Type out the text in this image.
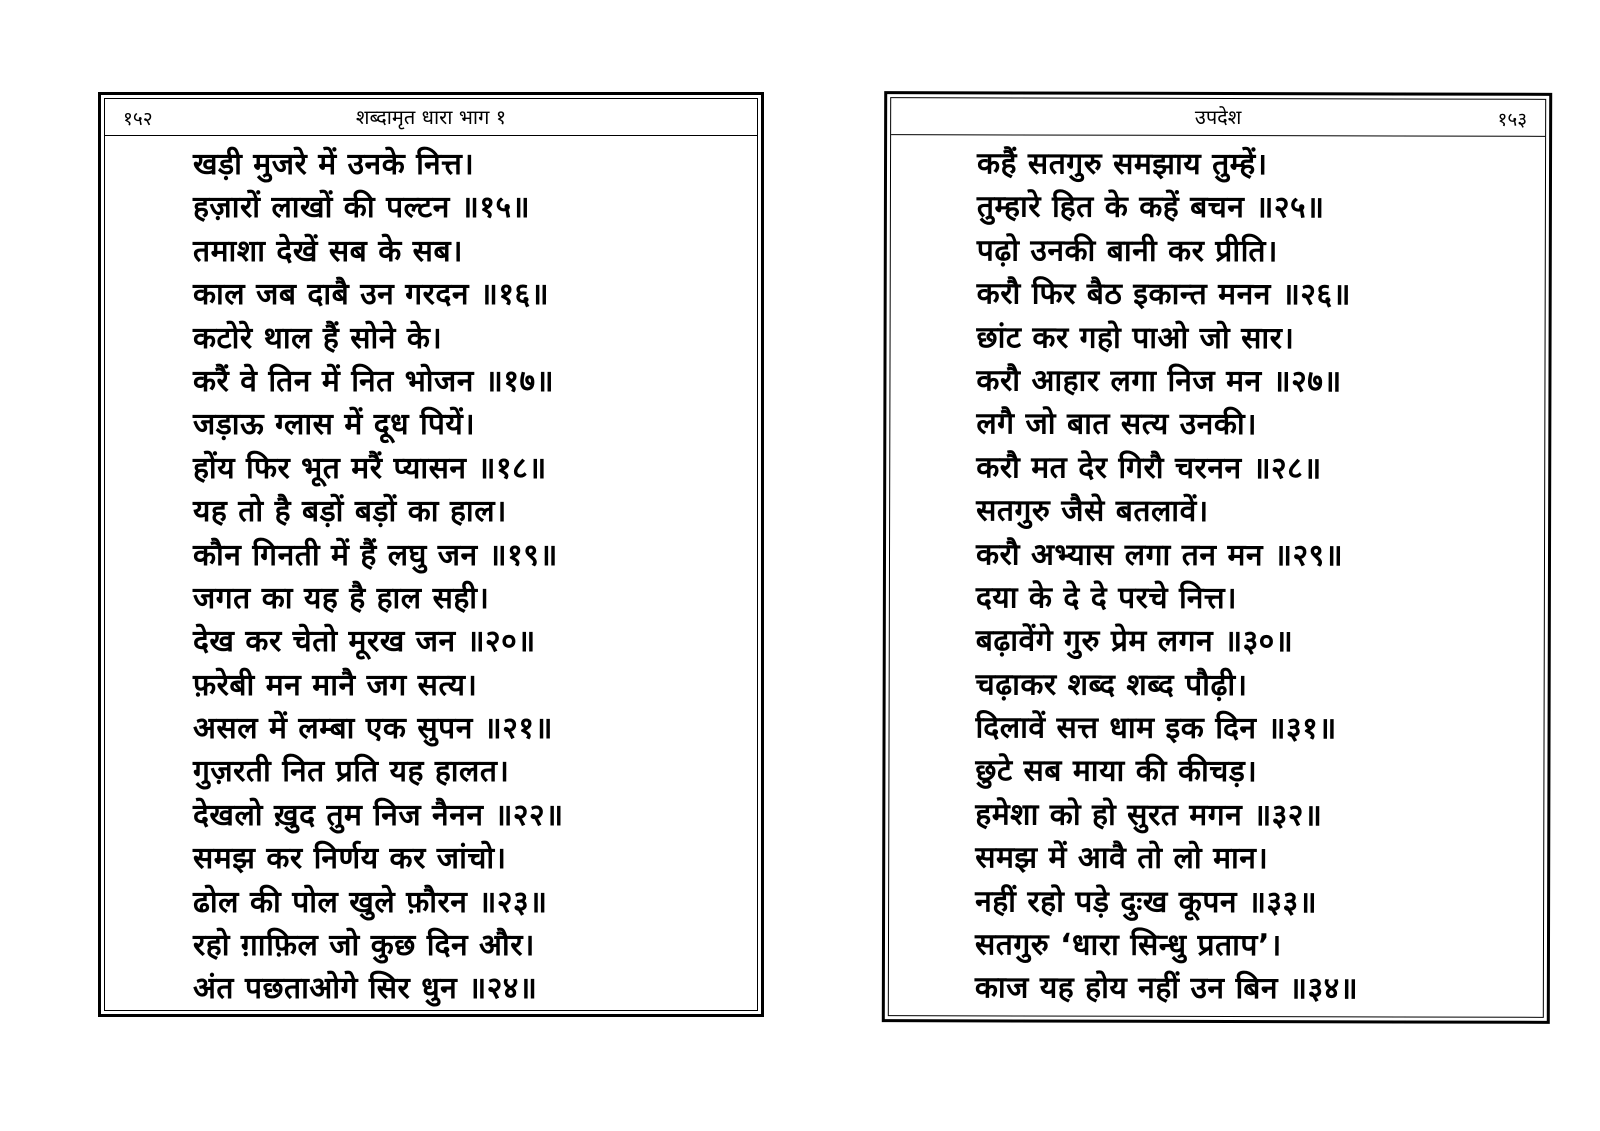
१५२	शब्दामृत धारा भाग १
खड़ी मुजरे में उनके नित्त।
हज़ारों लाखों की पल्टन ॥१५॥
तमाशा देखें सब के सब।
काल जब दाबै उन गरदन ॥१६॥
कटोरे थाल हैं सोने के।
करैं वे तिन में नित भोजन ॥१७॥
जड़ाऊ ग्लास में दूध पियें।
होंय फिर भूत मरैं प्यासन ॥१८॥
यह तो है बड़ों बड़ों का हाल।
कौन गिनती में हैं लघु जन ॥१९॥
जगत का यह है हाल सही।
देख कर चेतो मूरख जन ॥२०॥
फ़रेबी मन मानै जग सत्य।
असल में लम्बा एक सुपन ॥२१॥
गुज़रती नित प्रति यह हालत।
देखलो ख़ुद तुम निज नैनन ॥२२॥
समझ कर निर्णय कर जांचो।
ढोल की पोल खुले फ़ौरन ॥२३॥
रहो ग़ाफ़िल जो कुछ दिन और।
अंत पछताओगे सिर धुन ॥२४॥
उपदेश	१५३
कहैं सतगुरु समझाय तुम्हें।
तुम्हारे हित के कहें बचन ॥२५॥
पढ़ो उनकी बानी कर प्रीति।
करौ फिर बैठ इकान्त मनन ॥२६॥
छांट कर गहो पाओ जो सार।
करौ आहार लगा निज मन ॥२७॥
लगै जो बात सत्य उनकी।
करौ मत देर गिरौ चरनन ॥२८॥
सतगुरु जैसे बतलावें।
करौ अभ्यास लगा तन मन ॥२९॥
दया के दे दे परचे नित्त।
बढ़ावेंगे गुरु प्रेम लगन ॥३०॥
चढ़ाकर शब्द शब्द पौढ़ी।
दिलावें सत्त धाम इक दिन ॥३१॥
छुटे सब माया की कीचड़।
हमेशा को हो सुरत मगन ॥३२॥
समझ में आवै तो लो मान।
नहीं रहो पड़े दुःख कूपन ॥३३॥
सतगुरु ‘धारा सिन्धु प्रताप’।
काज यह होय नहीं उन बिन ॥३४॥
